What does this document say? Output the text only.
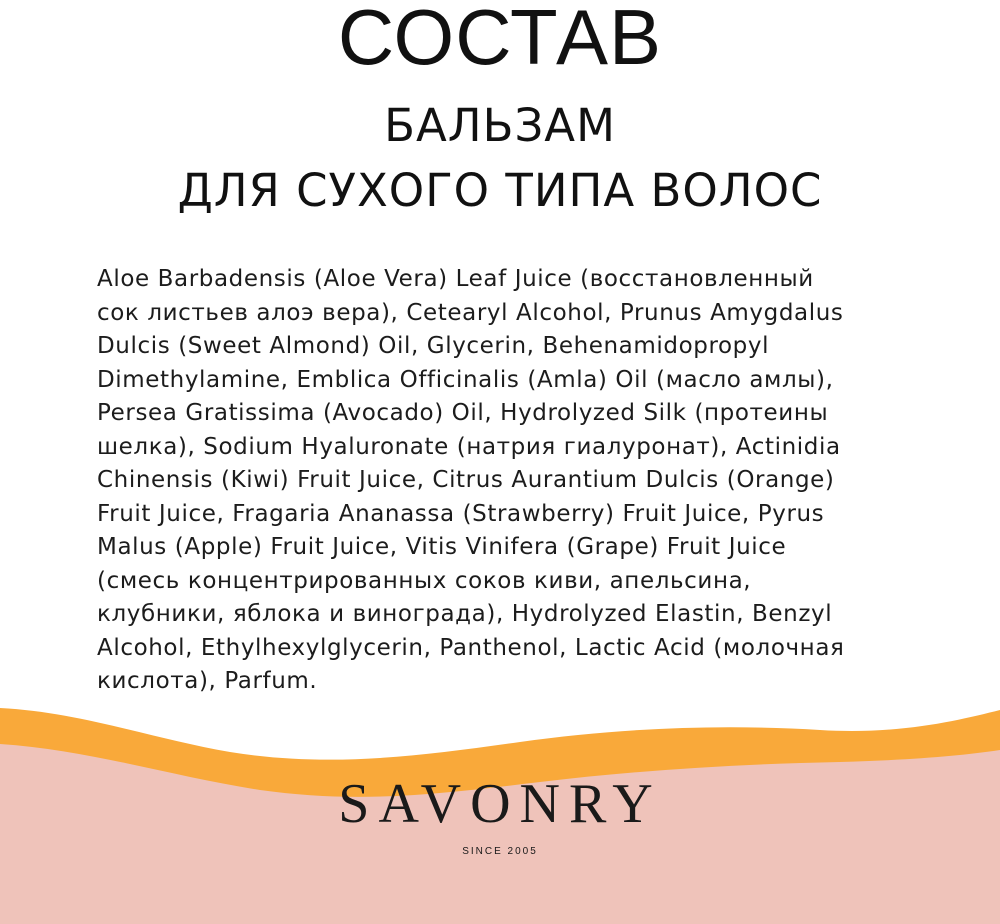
СОСТАВ
БАЛЬЗАМ
ДЛЯ СУХОГО ТИПА ВОЛОС
Aloe Barbadensis (Aloe Vera) Leaf Juice (восстановленный
сок листьев алоэ вера), Cetearyl Alcohol, Prunus Amygdalus
Dulcis (Sweet Almond) Oil, Glycerin, Behenamidopropyl
Dimethylamine, Emblica Officinalis (Amla) Oil (масло амлы),
Persea Gratissima (Avocado) Oil, Hydrolyzed Silk (протеины
шелка), Sodium Hyaluronate (натрия гиалуронат), Actinidia
Chinensis (Kiwi) Fruit Juice, Citrus Aurantium Dulcis (Orange)
Fruit Juice, Fragaria Ananassa (Strawberry) Fruit Juice, Pyrus
Malus (Apple) Fruit Juice, Vitis Vinifera (Grape) Fruit Juice
(смесь концентрированных соков киви, апельсина,
клубники, яблока и винограда), Hydrolyzed Elastin, Benzyl
Alcohol, Ethylhexylglycerin, Panthenol, Lactic Acid (молочная
кислота), Parfum.
SAVONRY
SINCE 2005
